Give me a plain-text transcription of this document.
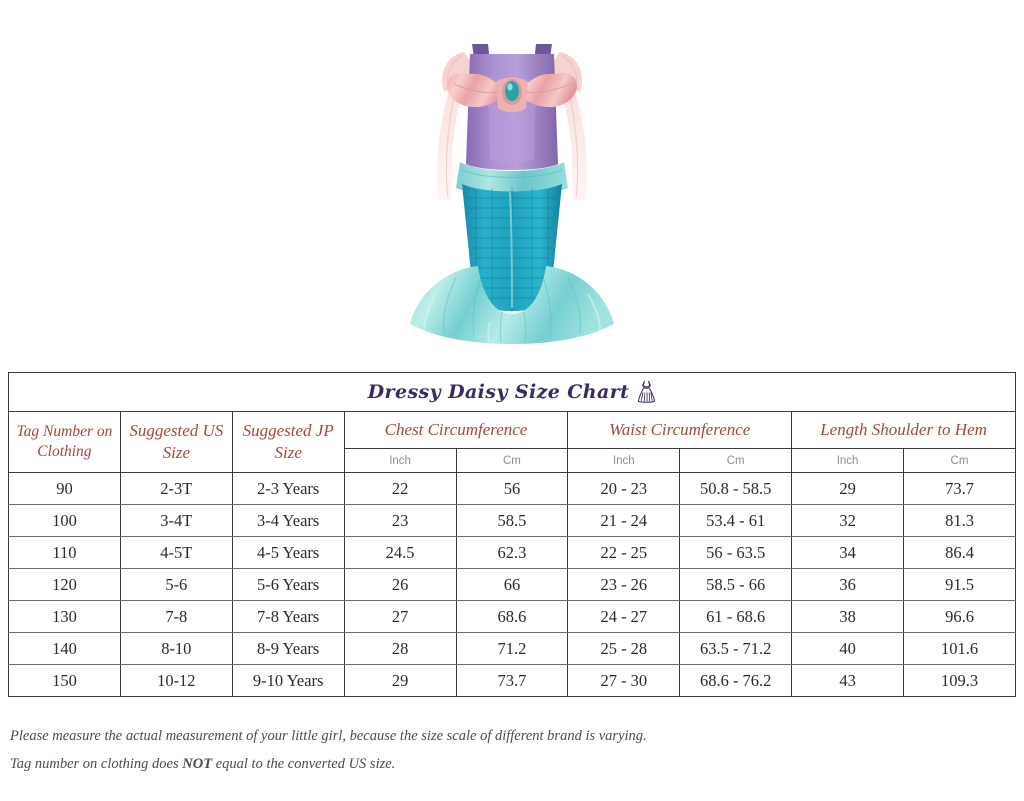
Dressy Daisy Size Chart								

Tag Number on Clothing	Suggested US Size	Suggested JP Size	Chest Circumference		Waist Circumference		Length Shoulder to Hem	
			Inch	Cm	Inch	Cm	Inch	Cm
90	2-3T	2-3 Years	22	56	20 - 23	50.8 - 58.5	29	73.7
100	3-4T	3-4 Years	23	58.5	21 - 24	53.4 - 61	32	81.3
110	4-5T	4-5 Years	24.5	62.3	22 - 25	56 - 63.5	34	86.4
120	5-6	5-6 Years	26	66	23 - 26	58.5 - 66	36	91.5
130	7-8	7-8 Years	27	68.6	24 - 27	61 - 68.6	38	96.6
140	8-10	8-9 Years	28	71.2	25 - 28	63.5 - 71.2	40	101.6
150	10-12	9-10 Years	29	73.7	27 - 30	68.6 - 76.2	43	109.3
Please measure the actual measurement of your little girl, because the size scale of different brand is varying.
Tag number on clothing does NOT equal to the converted US size.
